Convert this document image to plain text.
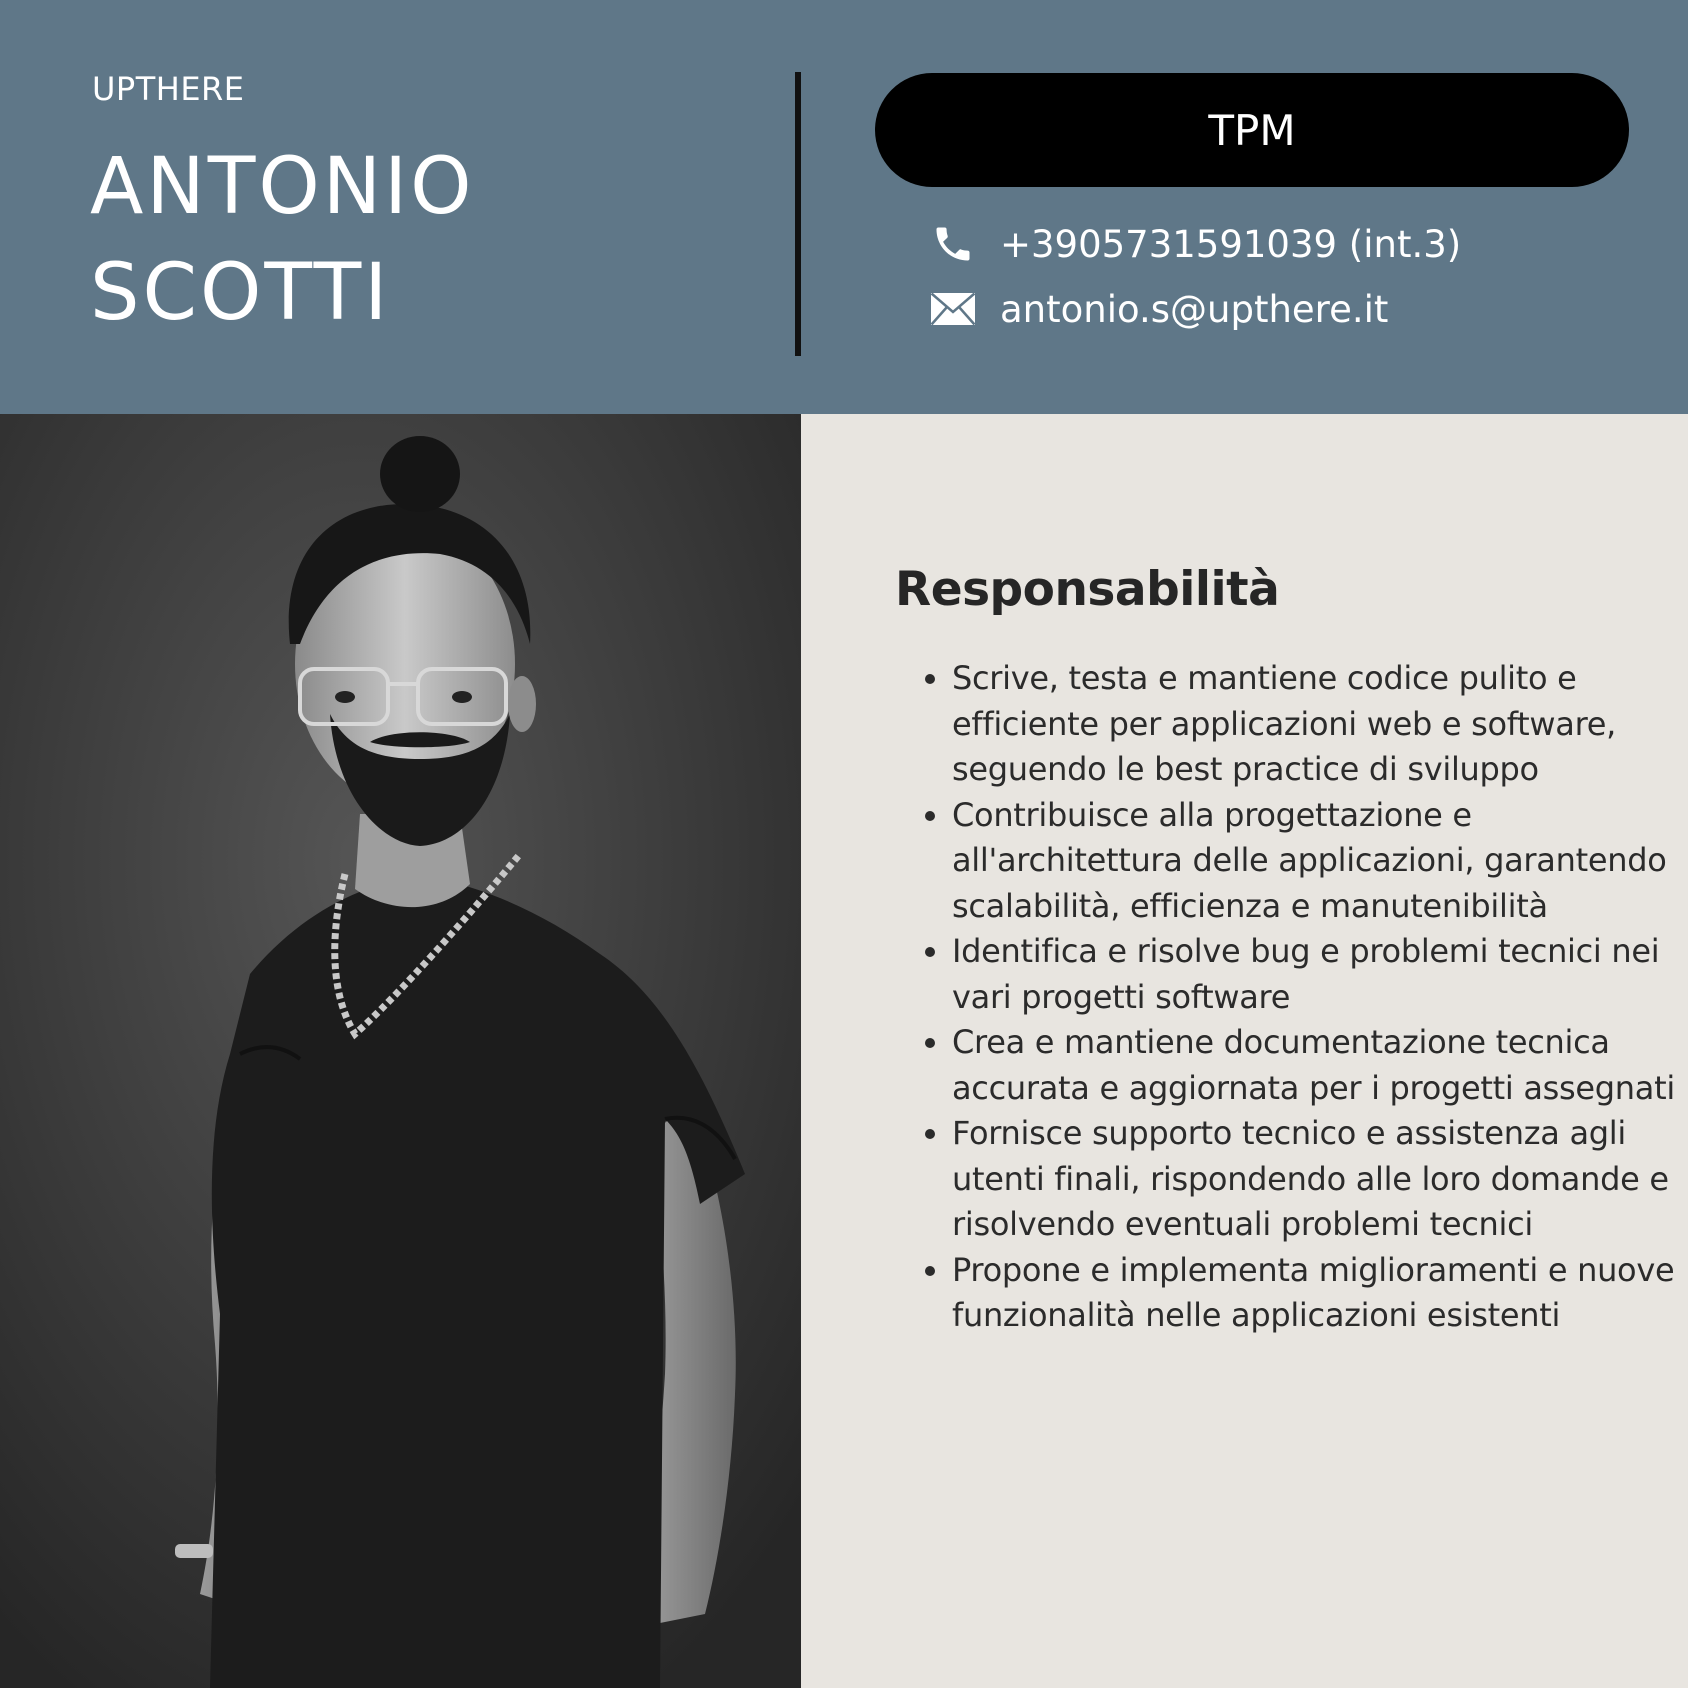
UPTHERE
ANTONIO
SCOTTI
TPM
+3905731591039 (int.3)
antonio.s@upthere.it
Responsabilità
• Scrive, testa e mantiene codice pulito e efficiente per applicazioni web e software, seguendo le best practice di sviluppo
• Contribuisce alla progettazione e all'architettura delle applicazioni, garantendo scalabilità, efficienza e manutenibilità
• Identifica e risolve bug e problemi tecnici nei vari progetti software
• Crea e mantiene documentazione tecnica accurata e aggiornata per i progetti assegnati
• Fornisce supporto tecnico e assistenza agli utenti finali, rispondendo alle loro domande e risolvendo eventuali problemi tecnici
• Propone e implementa miglioramenti e nuove funzionalità nelle applicazioni esistenti
